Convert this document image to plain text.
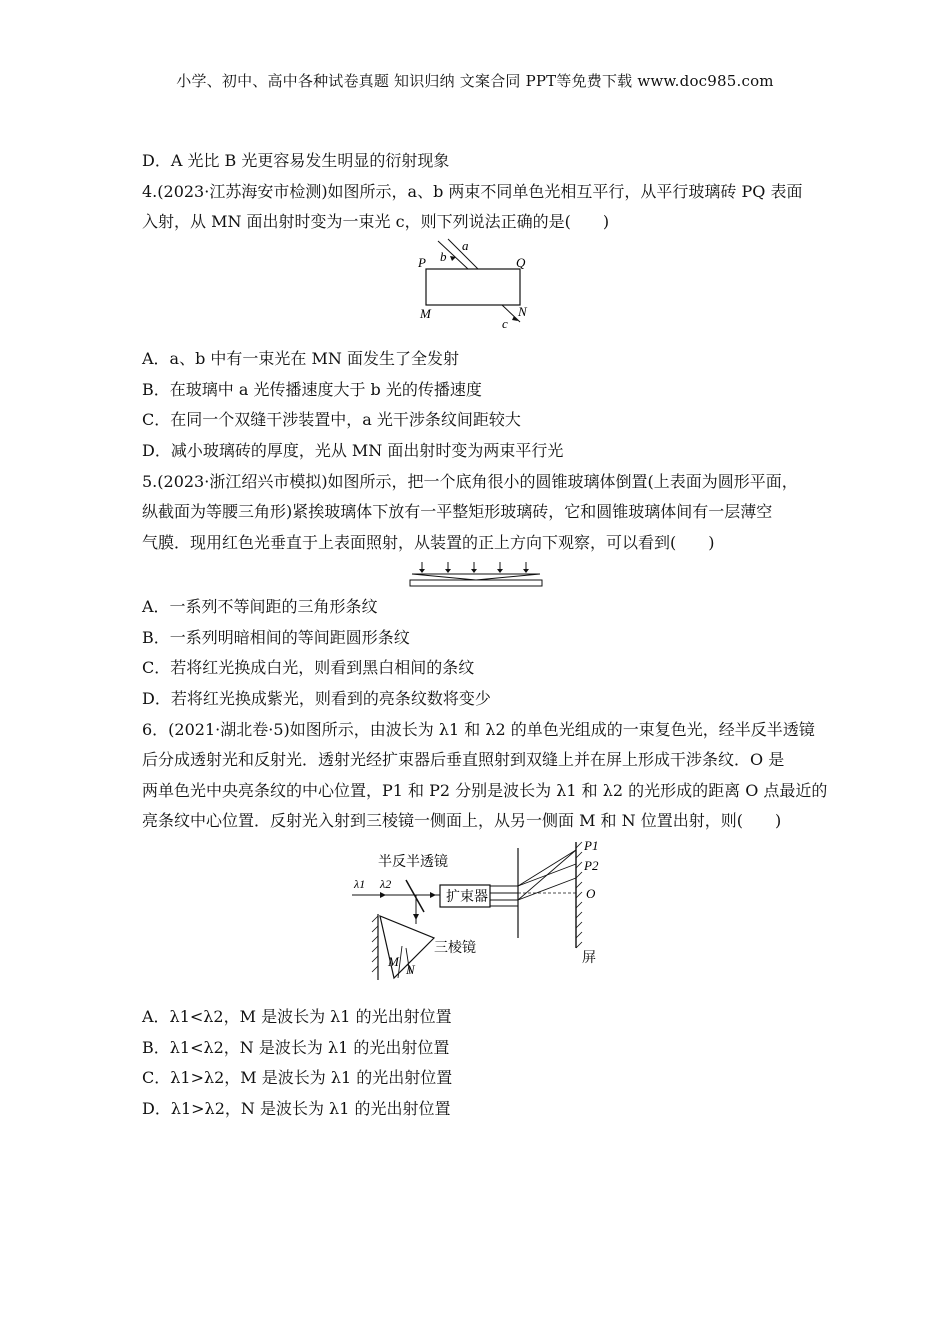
小学、初中、高中各种试卷真题 知识归纳 文案合同 PPT等免费下载 www.doc985.com
D．A 光比 B 光更容易发生明显的衍射现象
4.(2023·江苏海安市检测)如图所示，a、b 两束不同单色光相互平行，从平行玻璃砖 PQ 表面
入射，从 MN 面出射时变为一束光 c，则下列说法正确的是(　　)
a
b
P	Q
M	N
c
A．a、b 中有一束光在 MN 面发生了全发射
B．在玻璃中 a 光传播速度大于 b 光的传播速度
C．在同一个双缝干涉装置中，a 光干涉条纹间距较大
D．减小玻璃砖的厚度，光从 MN 面出射时变为两束平行光
5.(2023·浙江绍兴市模拟)如图所示，把一个底角很小的圆锥玻璃体倒置(上表面为圆形平面，
纵截面为等腰三角形)紧挨玻璃体下放有一平整矩形玻璃砖，它和圆锥玻璃体间有一层薄空
气膜．现用红色光垂直于上表面照射，从装置的正上方向下观察，可以看到(　　)
A．一系列不等间距的三角形条纹
B．一系列明暗相间的等间距圆形条纹
C．若将红光换成白光，则看到黑白相间的条纹
D．若将红光换成紫光，则看到的亮条纹数将变少
6．(2021·湖北卷·5)如图所示，由波长为 λ1 和 λ2 的单色光组成的一束复色光，经半反半透镜
后分成透射光和反射光．透射光经扩束器后垂直照射到双缝上并在屏上形成干涉条纹．O 是
两单色光中央亮条纹的中心位置，P1 和 P2 分别是波长为 λ1 和 λ2 的光形成的距离 O 点最近的
亮条纹中心位置．反射光入射到三棱镜一侧面上，从另一侧面 M 和 N 位置出射，则(　　)
扩束器
P1
P2
O
屏
半反半透镜
λ1 λ2
三棱镜
M
N
A．λ1<λ2，M 是波长为 λ1 的光出射位置
B．λ1<λ2，N 是波长为 λ1 的光出射位置
C．λ1>λ2，M 是波长为 λ1 的光出射位置
D．λ1>λ2，N 是波长为 λ1 的光出射位置
